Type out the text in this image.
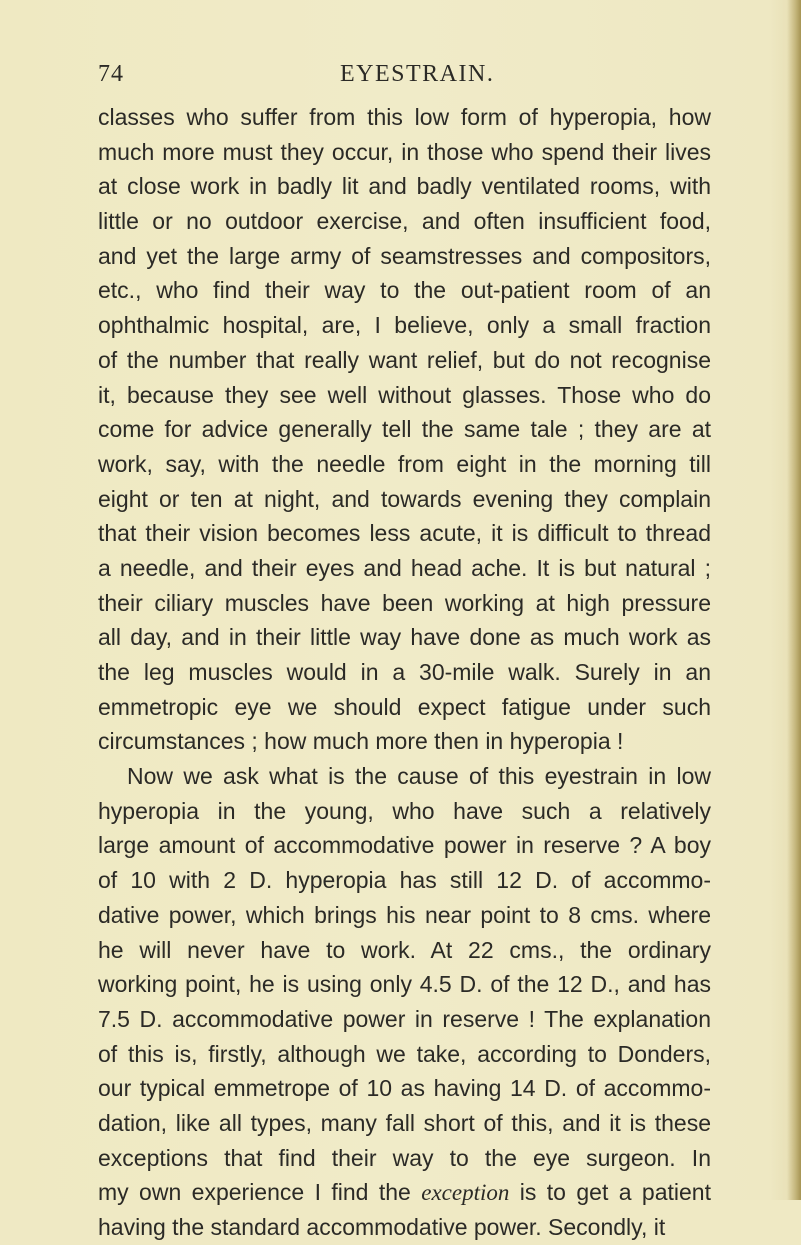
74	EYESTRAIN.
classes who suffer from this low form of hyperopia, how
much more must they occur, in those who spend their lives
at close work in badly lit and badly ventilated rooms, with
little or no outdoor exercise, and often insufficient food,
and yet the large army of seamstresses and compositors,
etc., who find their way to the out-patient room of an
ophthalmic hospital, are, I believe, only a small fraction
of the number that really want relief, but do not recognise
it, because they see well without glasses. Those who do
come for advice generally tell the same tale ; they are at
work, say, with the needle from eight in the morning till
eight or ten at night, and towards evening they complain
that their vision becomes less acute, it is difficult to thread
a needle, and their eyes and head ache. It is but natural ;
their ciliary muscles have been working at high pressure
all day, and in their little way have done as much work as
the leg muscles would in a 30-mile walk. Surely in an
emmetropic eye we should expect fatigue under such
circumstances ; how much more then in hyperopia !
Now we ask what is the cause of this eyestrain in low
hyperopia in the young, who have such a relatively
large amount of accommodative power in reserve ? A boy
of 10 with 2 D. hyperopia has still 12 D. of accommo-
dative power, which brings his near point to 8 cms. where
he will never have to work. At 22 cms., the ordinary
working point, he is using only 4.5 D. of the 12 D., and has
7.5 D. accommodative power in reserve ! The explanation
of this is, firstly, although we take, according to Donders,
our typical emmetrope of 10 as having 14 D. of accommo-
dation, like all types, many fall short of this, and it is these
exceptions that find their way to the eye surgeon. In
my own experience I find the exception is to get a patient
having the standard accommodative power. Secondly, it
